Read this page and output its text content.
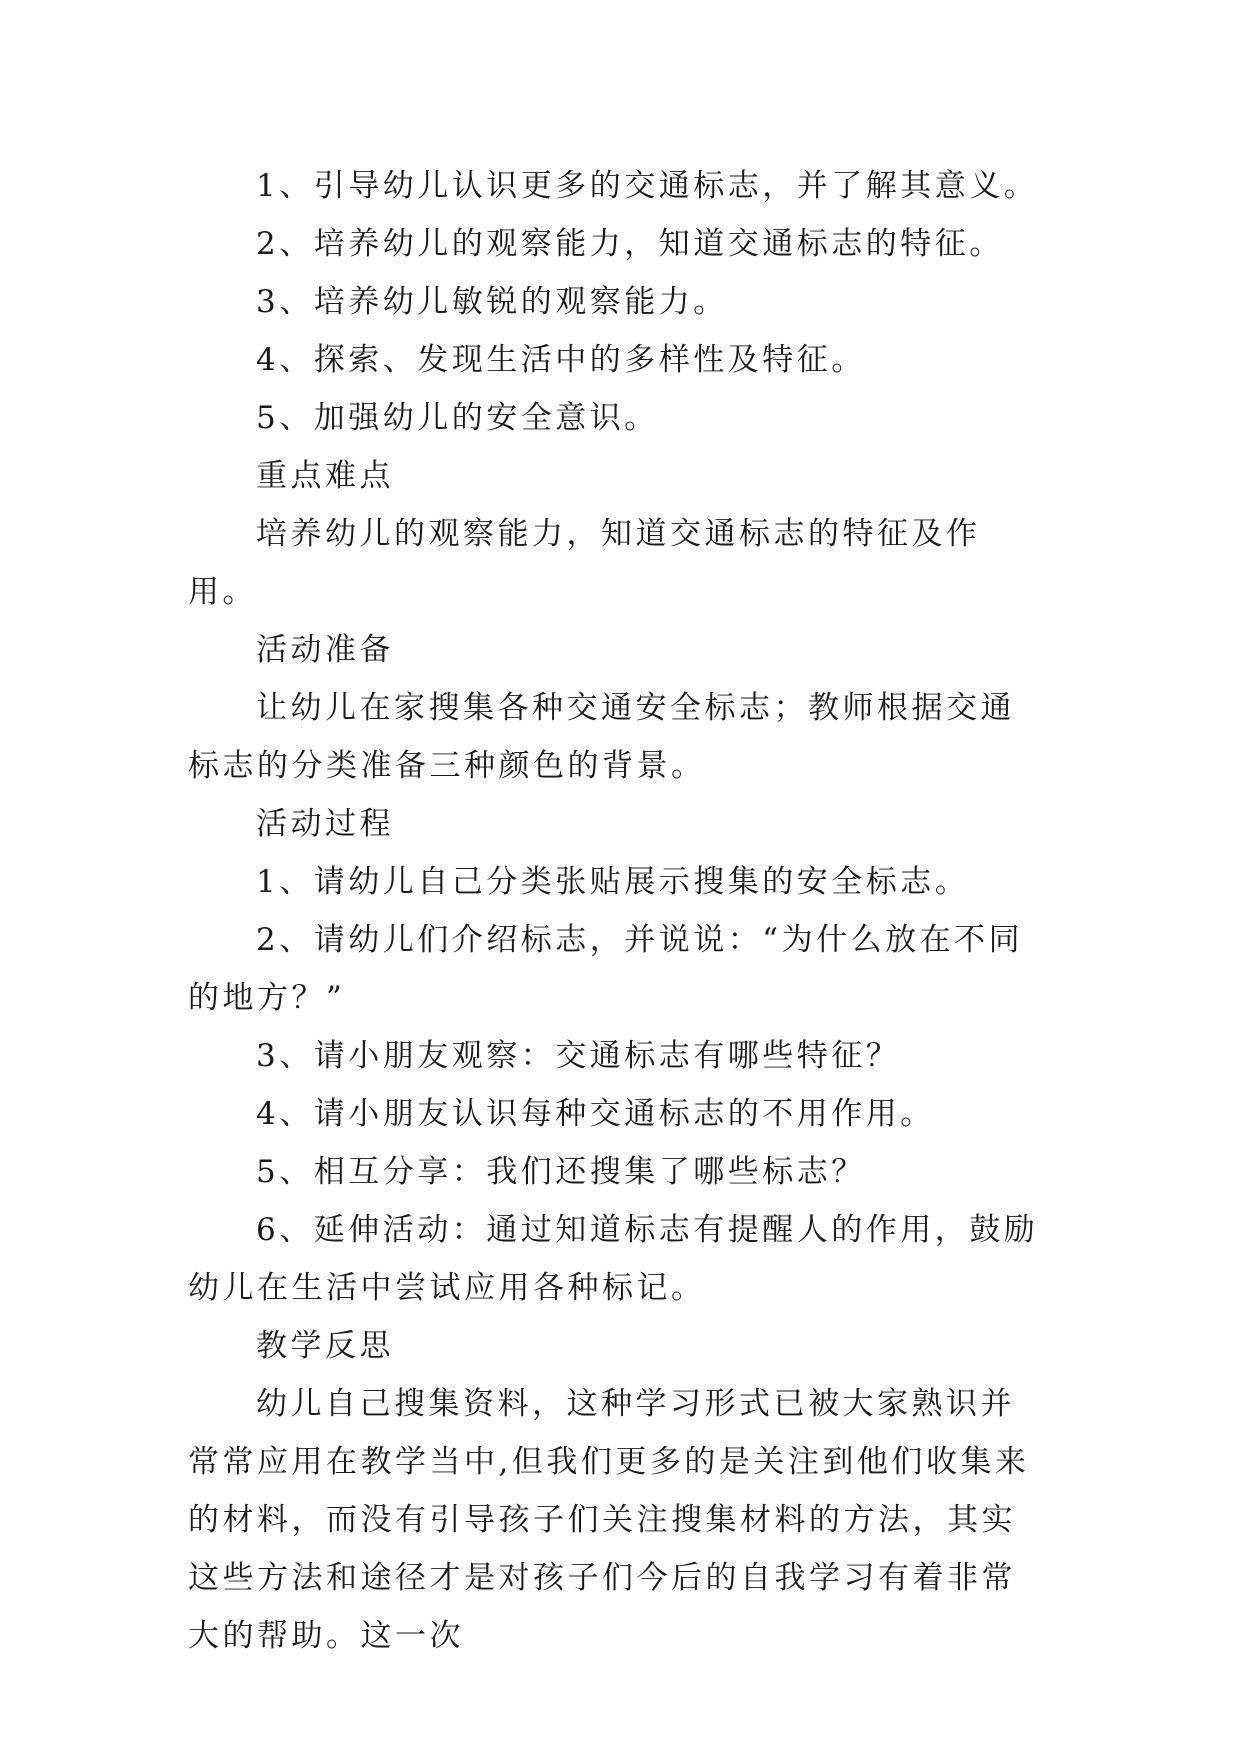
1、引导幼儿认识更多的交通标志，并了解其意义。

2、培养幼儿的观察能力，知道交通标志的特征。

3、培养幼儿敏锐的观察能力。

4、探索、发现生活中的多样性及特征。

5、加强幼儿的安全意识。

重点难点

培养幼儿的观察能力，知道交通标志的特征及作用。

活动准备

让幼儿在家搜集各种交通安全标志；教师根据交通标志的分类准备三种颜色的背景。

活动过程

1、请幼儿自己分类张贴展示搜集的安全标志。

2、请幼儿们介绍标志，并说说：“为什么放在不同的地方？”

3、请小朋友观察：交通标志有哪些特征？

4、请小朋友认识每种交通标志的不用作用。

5、相互分享：我们还搜集了哪些标志？

6、延伸活动：通过知道标志有提醒人的作用，鼓励幼儿在生活中尝试应用各种标记。

教学反思

幼儿自己搜集资料，这种学习形式已被大家熟识并常常应用在教学当中,但我们更多的是关注到他们收集来的材料，而没有引导孩子们关注搜集材料的方法，其实这些方法和途径才是对孩子们今后的自我学习有着非常大的帮助。这一次
